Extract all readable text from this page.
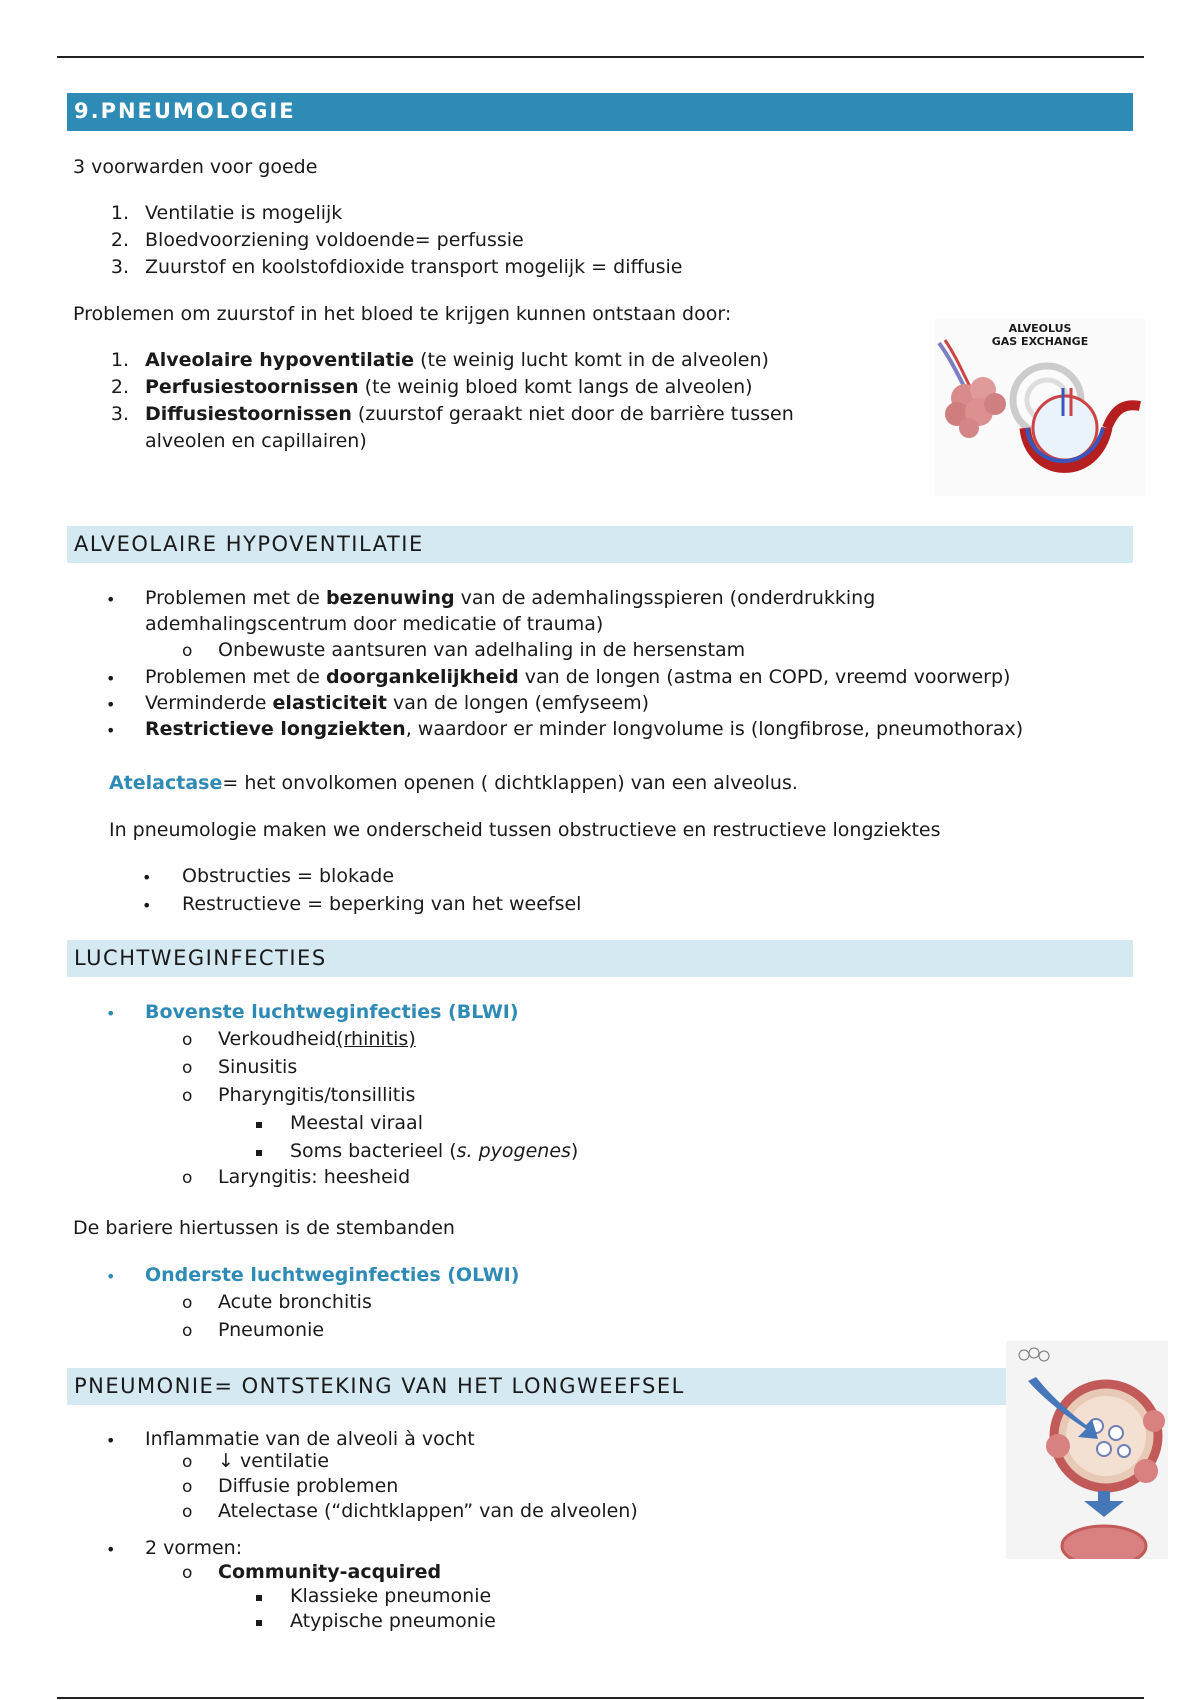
9.PNEUMOLOGIE
3 voorwarden voor goede
1. Ventilatie is mogelijk
2. Bloedvoorziening voldoende= perfussie
3. Zuurstof en koolstofdioxide transport mogelijk = diffusie
Problemen om zuurstof in het bloed te krijgen kunnen ontstaan door:
1. Alveolaire hypoventilatie (te weinig lucht komt in de alveolen)
2. Perfusiestoornissen (te weinig bloed komt langs de alveolen)
3. Diffusiestoornissen (zuurstof geraakt niet door de barrière tussen
alveolen en capillairen)
ALVEOLUS
GAS EXCHANGE
ALVEOLAIRE HYPOVENTILATIE
• Problemen met de bezenuwing van de ademhalingsspieren (onderdrukking
ademhalingscentrum door medicatie of trauma)
o Onbewuste aantsuren van adelhaling in de hersenstam
• Problemen met de doorgankelijkheid van de longen (astma en COPD, vreemd voorwerp)
• Verminderde elasticiteit van de longen (emfyseem)
• Restrictieve longziekten, waardoor er minder longvolume is (longfibrose, pneumothorax)
Atelactase= het onvolkomen openen ( dichtklappen) van een alveolus.
In pneumologie maken we onderscheid tussen obstructieve en restructieve longziektes
• Obstructies = blokade
• Restructieve = beperking van het weefsel
LUCHTWEGINFECTIES
• Bovenste luchtweginfecties (BLWI)
o Verkoudheid(rhinitis)
o Sinusitis
o Pharyngitis/tonsillitis
Meestal viraal
Soms bacterieel (s. pyogenes)
o Laryngitis: heesheid
De bariere hiertussen is de stembanden
• Onderste luchtweginfecties (OLWI)
o Acute bronchitis
o Pneumonie
PNEUMONIE= ONTSTEKING VAN HET LONGWEEFSEL
• Inflammatie van de alveoli à vocht
o ↓ ventilatie
o Diffusie problemen
o Atelectase (“dichtklappen” van de alveolen)
• 2 vormen:
o Community-acquired
Klassieke pneumonie
Atypische pneumonie
